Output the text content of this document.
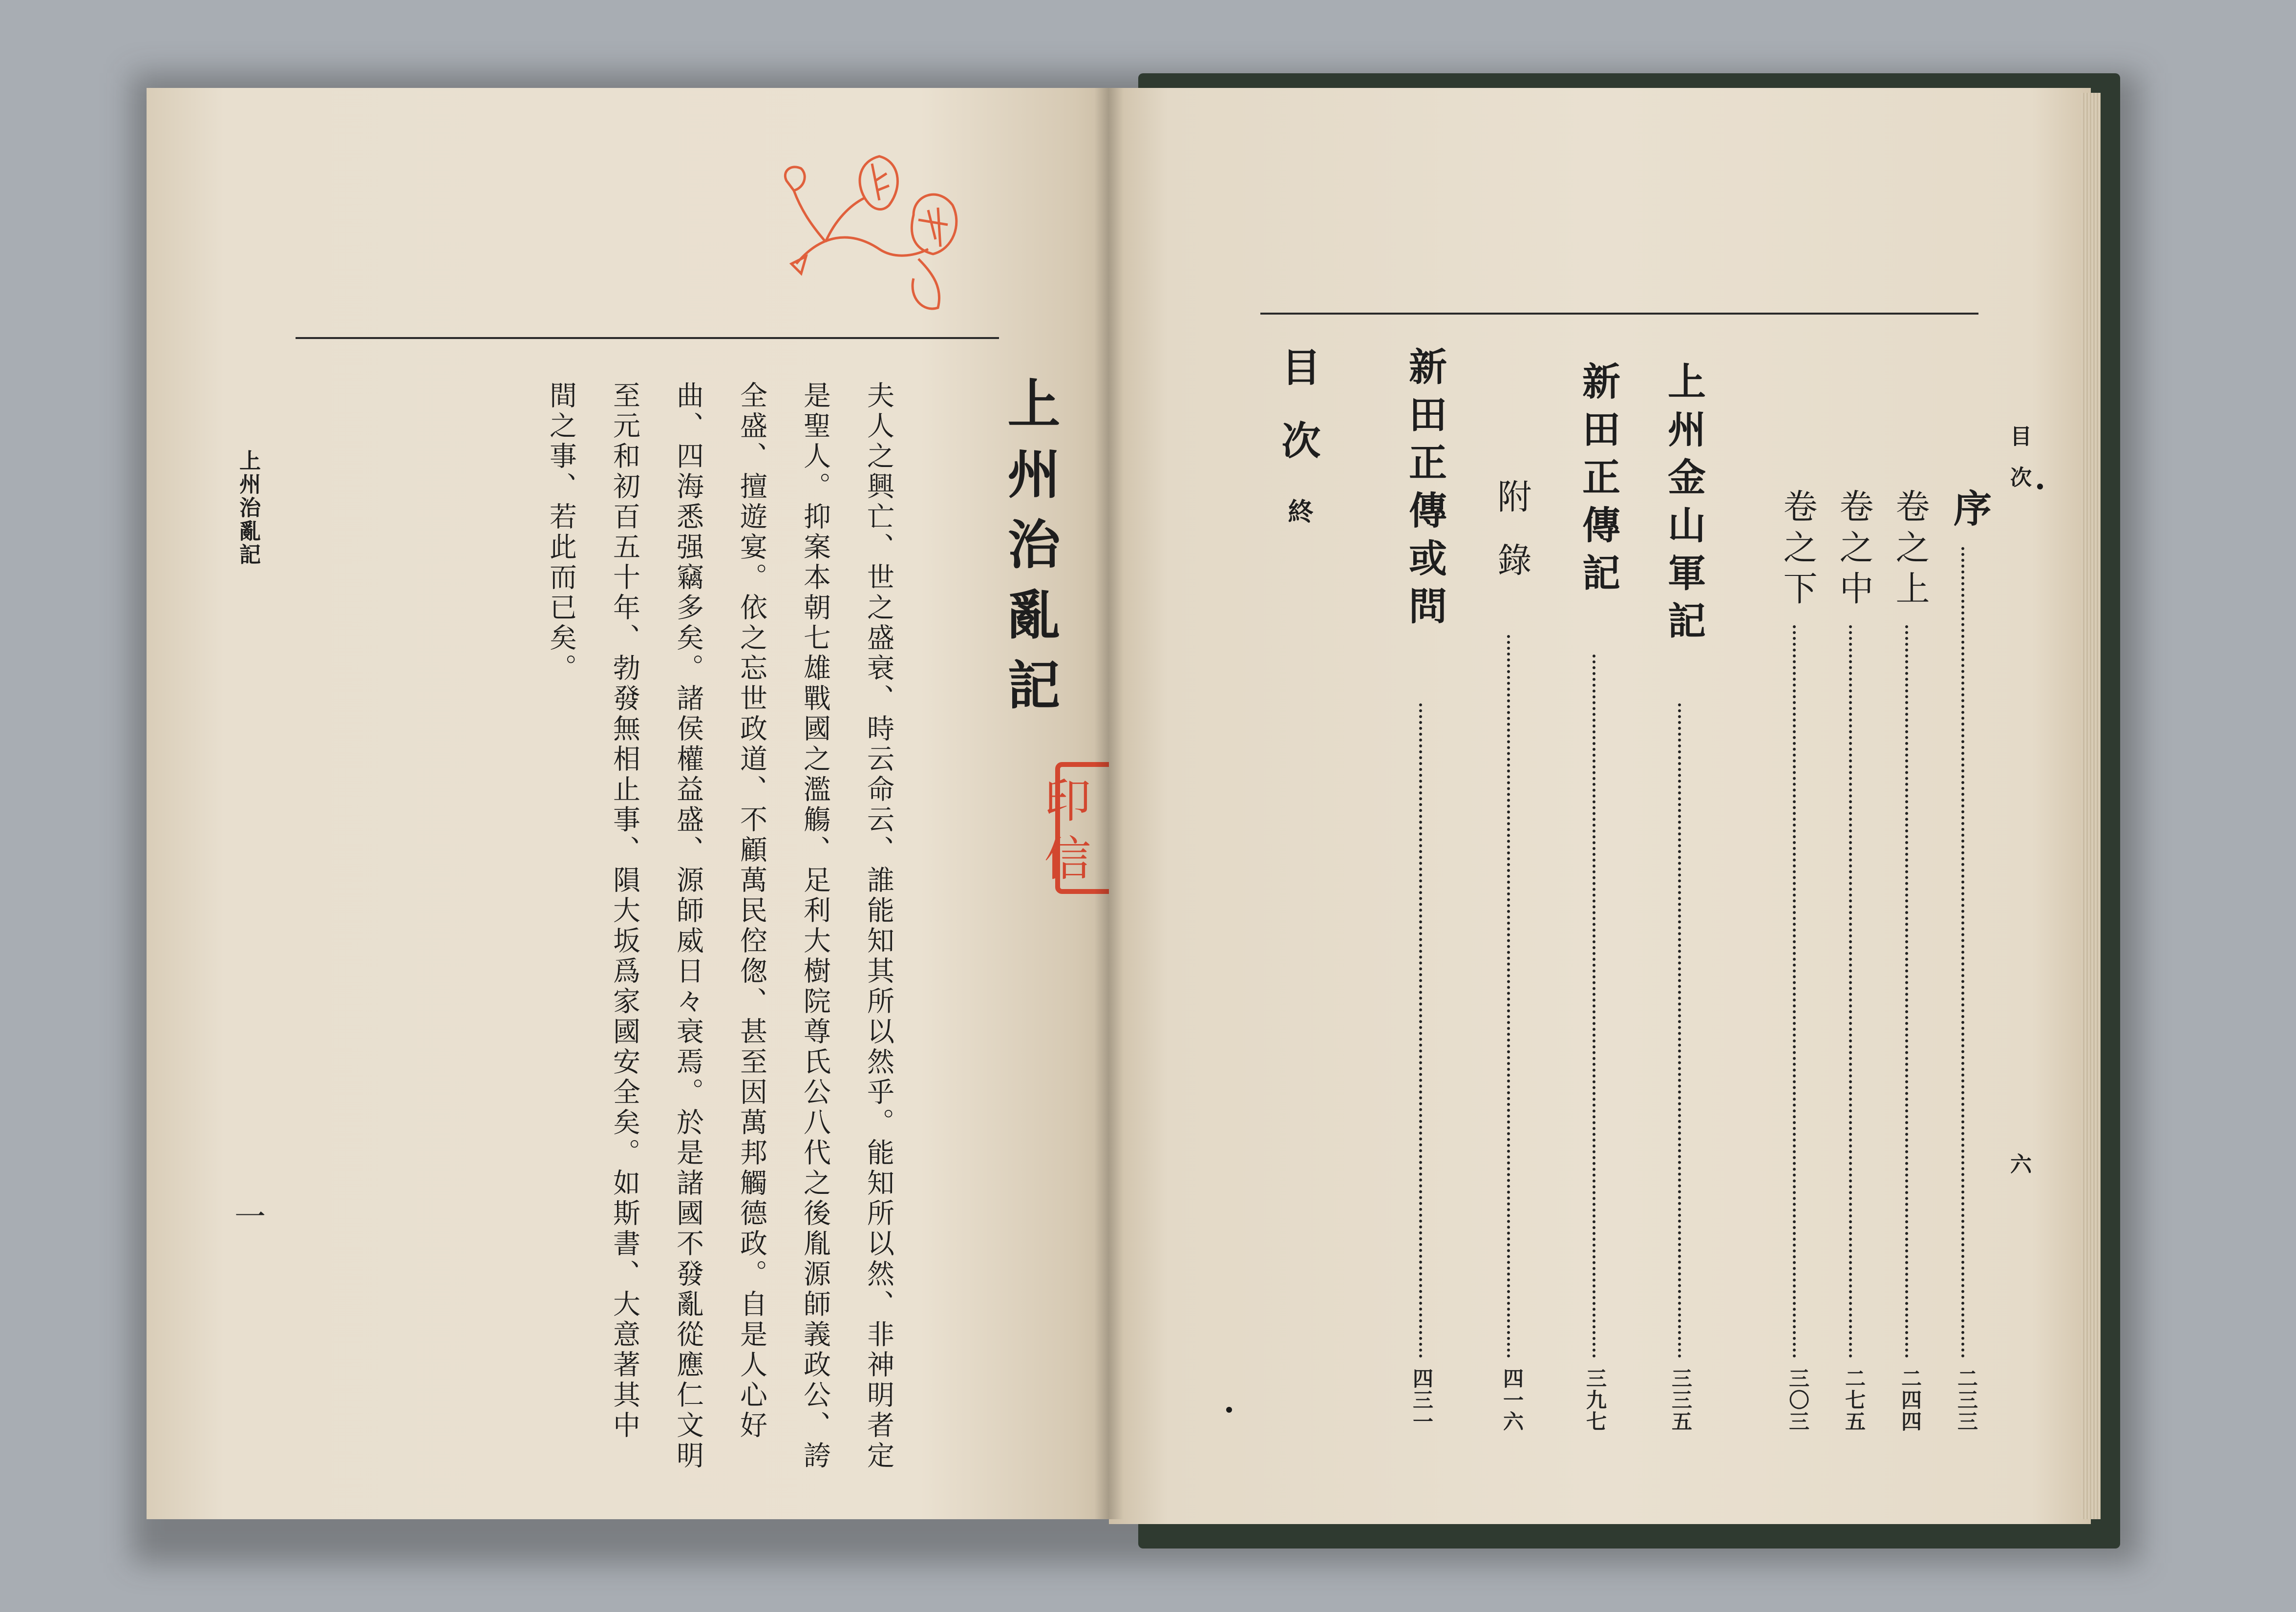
上州治亂記	上州治亂記
印
信
夫人之興亡、世之盛衰、時云命云、誰能知其所以然乎。能知所以然、非神明者定
是聖人。抑案本朝七雄戰國之濫觴、足利大樹院尊氏公八代之後胤源師義政公、誇
全盛、擅遊宴。依之忘世政道、不顧萬民倥偬、甚至因萬邦觸德政。自是人心好
曲、四海悉强竊多矣。諸侯權益盛、源師威日々衰焉。於是諸國不發亂從應仁文明
至元和初百五十年、勃發無相止事、隕大坂爲家國安全矣。如斯書、大意著其中
間之事、若此而已矣。
一
目次
六
目次
終	序
二三三
卷之上
二四四
卷之中
二七五
卷之下
三〇三
上州金山軍記
三三五
新田正傳記
三九七
附錄
四一六
新田正傳或問
四三一
